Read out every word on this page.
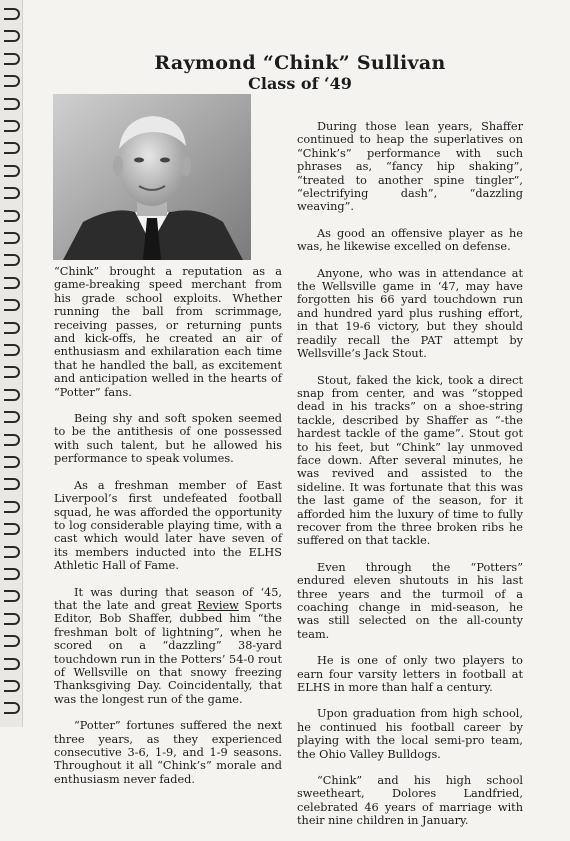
Raymond “Chink” Sullivan
Class of ‘49

“Chink” brought a reputation as a game-breaking speed merchant from his grade school exploits. Whether running the ball from scrimmage, receiving passes, or returning punts and kick-offs, he created an air of enthusiasm and exhilaration each time that he handled the ball, as excitement and anticipation welled in the hearts of “Potter” fans.

Being shy and soft spoken seemed to be the antithesis of one possessed with such talent, but he allowed his performance to speak volumes.

As a freshman member of East Liverpool’s first undefeated football squad, he was afforded the opportunity to log considerable playing time, with a cast which would later have seven of its members inducted into the ELHS Athletic Hall of Fame.

It was during that season of ‘45, that the late and great Review Sports Editor, Bob Shaffer, dubbed him “the freshman bolt of lightning”, when he scored on a “dazzling” 38-yard touchdown run in the Potters’ 54-0 rout of Wellsville on that snowy freezing Thanksgiving Day. Coincidentally, that was the longest run of the game.

“Potter” fortunes suffered the next three years, as they experienced consecutive 3-6, 1-9, and 1-9 seasons. Throughout it all “Chink’s” morale and enthusiasm never faded.

During those lean years, Shaffer continued to heap the superlatives on “Chink’s” performance with such phrases as, “fancy hip shaking”, “treated to another spine tingler”, “electrifying dash”, “dazzling weaving”.

As good an offensive player as he was, he likewise excelled on defense.

Anyone, who was in attendance at the Wellsville game in ‘47, may have forgotten his 66 yard touchdown run and hundred yard plus rushing effort, in that 19-6 victory, but they should readily recall the PAT attempt by Wellsville’s Jack Stout.

Stout, faked the kick, took a direct snap from center, and was “stopped dead in his tracks” on a shoe-string tackle, described by Shaffer as “-the hardest tackle of the game”. Stout got to his feet, but “Chink” lay unmoved face down. After several minutes, he was revived and assisted to the sideline. It was fortunate that this was the last game of the season, for it afforded him the luxury of time to fully recover from the three broken ribs he suffered on that tackle.

Even through the “Potters” endured eleven shutouts in his last three years and the turmoil of a coaching change in mid-season, he was still selected on the all-county team.

He is one of only two players to earn four varsity letters in football at ELHS in more than half a century.

Upon graduation from high school, he continued his football career by playing with the local semi-pro team, the Ohio Valley Bulldogs.

“Chink” and his high school sweetheart, Dolores Landfried, celebrated 46 years of marriage with their nine children in January.
